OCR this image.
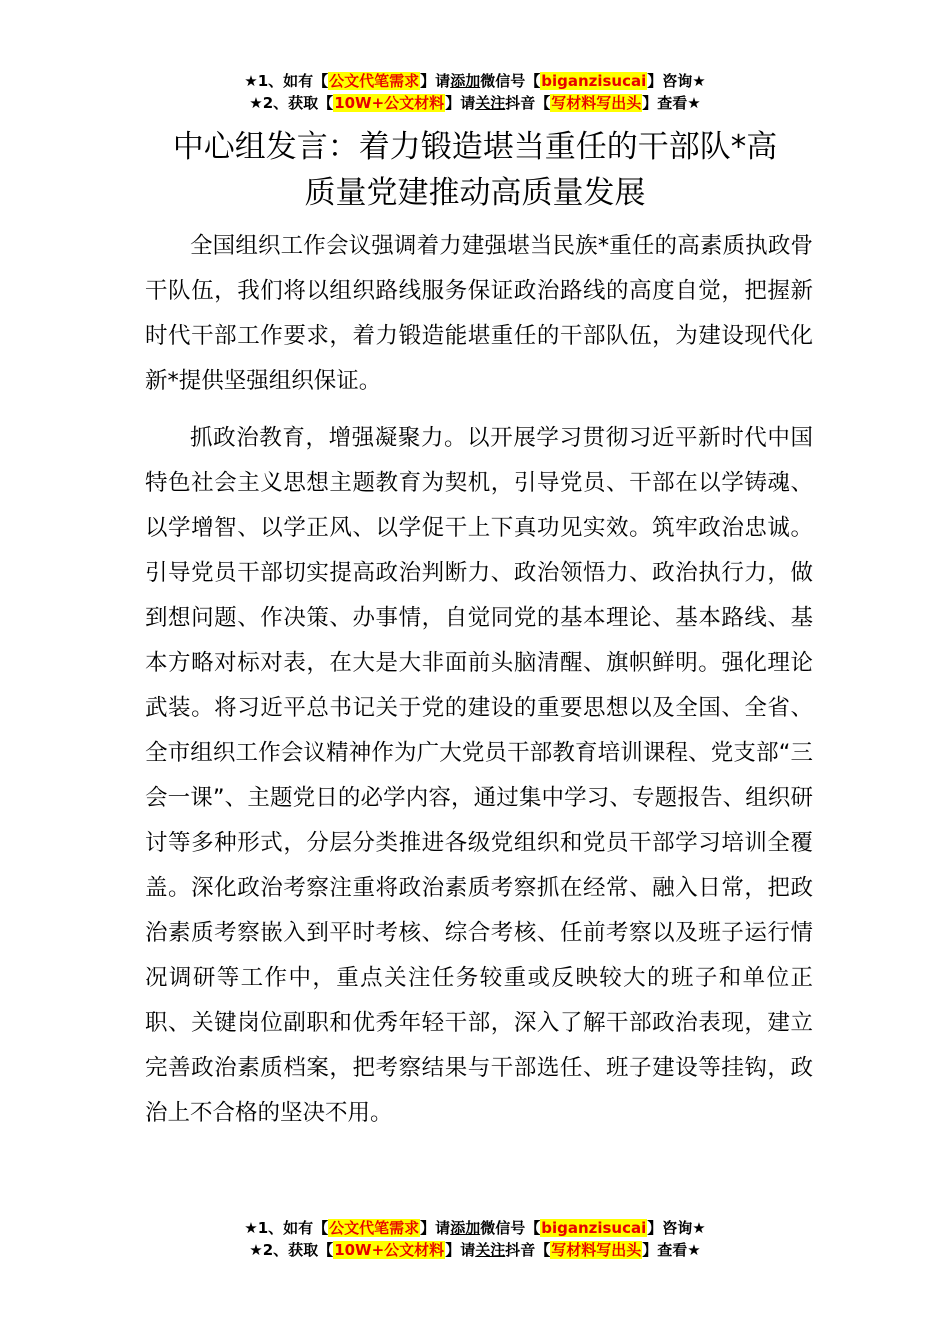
★1、如有【公文代笔需求】请添加微信号【biganzisucai】咨询★
★2、获取【10W+公文材料】请关注抖音【写材料写出头】查看★
中心组发言：着力锻造堪当重任的干部队*高
质量党建推动高质量发展

全国组织工作会议强调着力建强堪当民族*重任的高素质执政骨干队伍，我们将以组织路线服务保证政治路线的高度自觉，把握新时代干部工作要求，着力锻造能堪重任的干部队伍，为建设现代化新*提供坚强组织保证。

抓政治教育，增强凝聚力。以开展学习贯彻习近平新时代中国特色社会主义思想主题教育为契机，引导党员、干部在以学铸魂、以学增智、以学正风、以学促干上下真功见实效。筑牢政治忠诚。引导党员干部切实提高政治判断力、政治领悟力、政治执行力，做到想问题、作决策、办事情，自觉同党的基本理论、基本路线、基本方略对标对表，在大是大非面前头脑清醒、旗帜鲜明。强化理论武装。将习近平总书记关于党的建设的重要思想以及全国、全省、全市组织工作会议精神作为广大党员干部教育培训课程、党支部“三会一课”、主题党日的必学内容，通过集中学习、专题报告、组织研讨等多种形式，分层分类推进各级党组织和党员干部学习培训全覆盖。深化政治考察注重将政治素质考察抓在经常、融入日常，把政治素质考察嵌入到平时考核、综合考核、任前考察以及班子运行情况调研等工作中，重点关注任务较重或反映较大的班子和单位正职、关键岗位副职和优秀年轻干部，深入了解干部政治表现，建立完善政治素质档案，把考察结果与干部选任、班子建设等挂钩，政治上不合格的坚决不用。

★1、如有【公文代笔需求】请添加微信号【biganzisucai】咨询★
★2、获取【10W+公文材料】请关注抖音【写材料写出头】查看★
